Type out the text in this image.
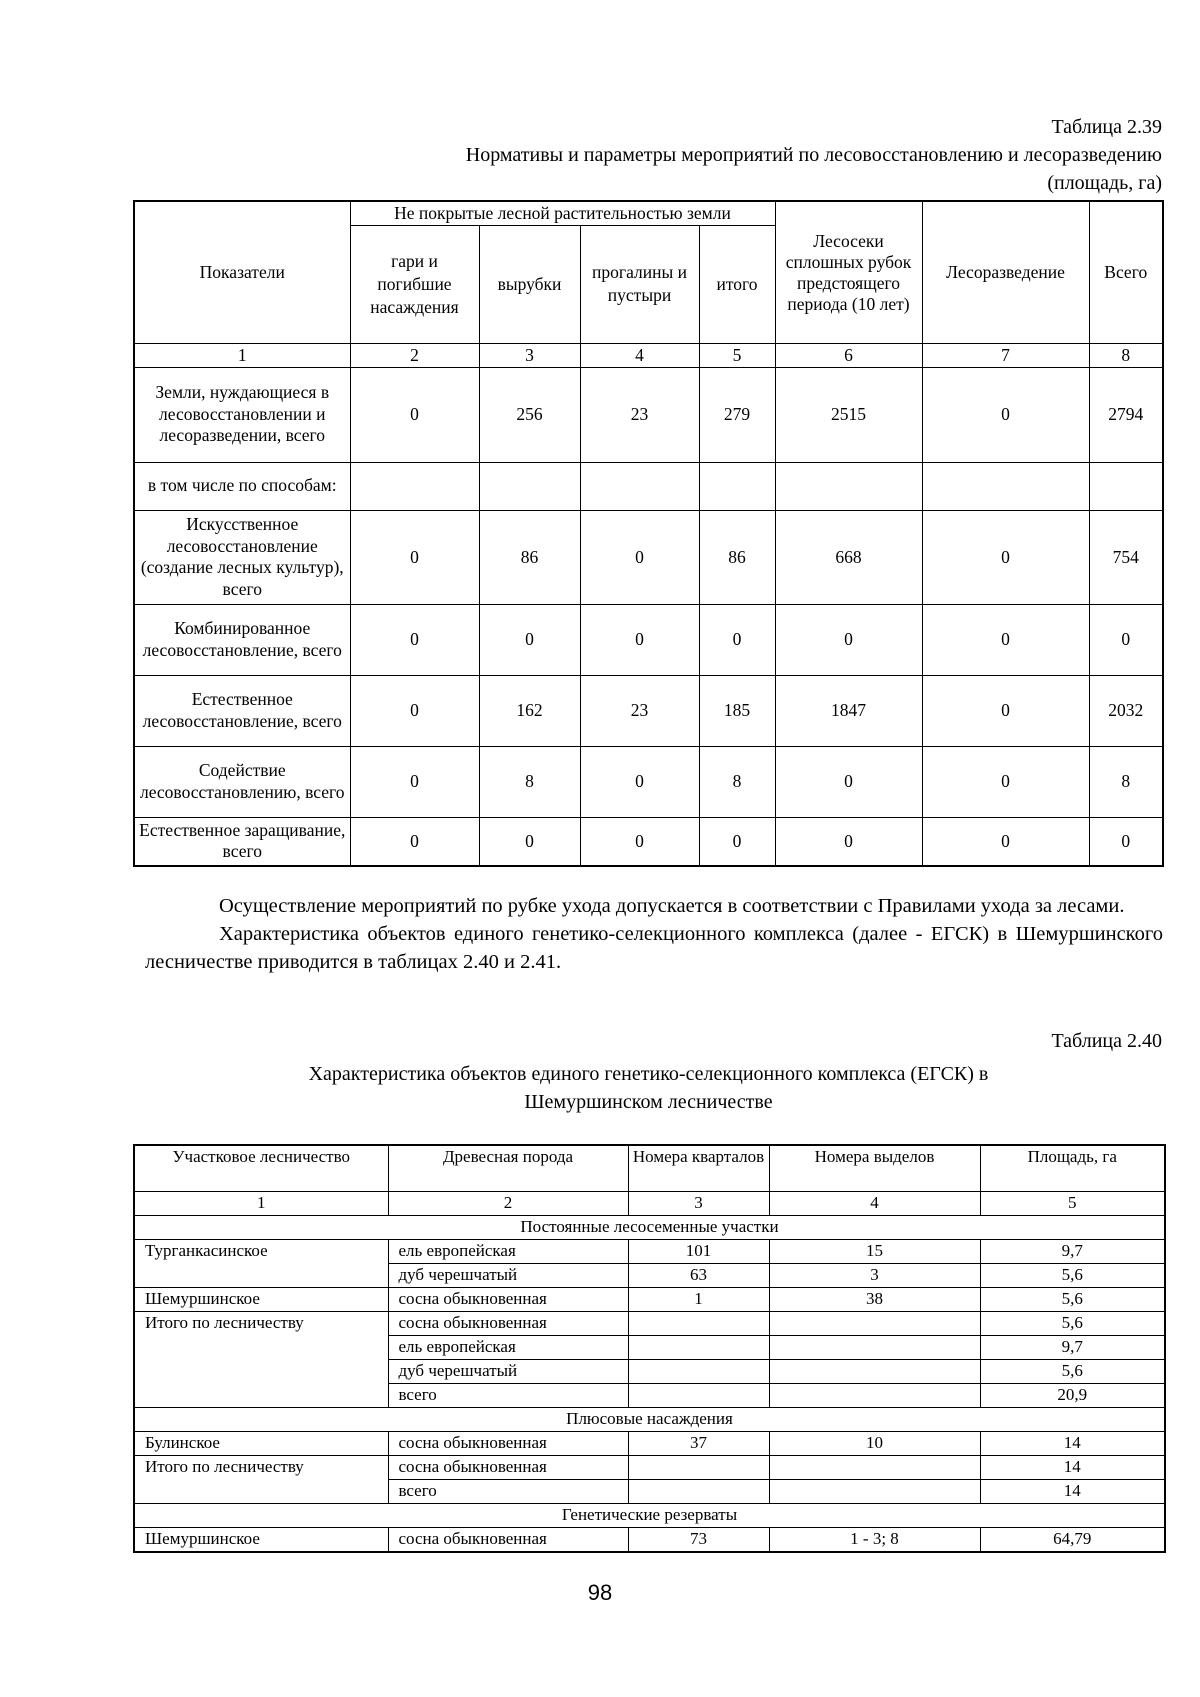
Таблица 2.39
Нормативы и параметры мероприятий по лесовосстановлению и лесоразведению
(площадь, га)
Показатели	Не покрытые лесной растительностью земли				Лесосеки сплошных рубок предстоящего периода (10 лет)	Лесоразведение	Всего
	гари и погибшие насаждения	вырубки	прогалины и пустыри	итого			
1	2	3	4	5	6	7	8
Земли, нуждающиеся в лесовосстановлении и лесоразведении, всего	0	256	23	279	2515	0	2794
в том числе по способам:							
Искусственное лесовосстановление (создание лесных культур), всего	0	86	0	86	668	0	754
Комбинированное лесовосстановление, всего	0	0	0	0	0	0	0
Естественное лесовосстановление, всего	0	162	23	185	1847	0	2032
Содействие лесовосстановлению, всего	0	8	0	8	0	0	8
Естественное заращивание, всего	0	0	0	0	0	0	0

Осуществление мероприятий по рубке ухода допускается в соответствии с Правилами ухода за лесами.

Характеристика объектов единого генетико-селекционного комплекса (далее - ЕГСК) в Шемуршинского лесничестве приводится в таблицах 2.40 и 2.41.

Таблица 2.40
Характеристика объектов единого генетико-селекционного комплекса (ЕГСК) в
Шемуршинском лесничестве
Участковое лесничество	Древесная порода	Номера кварталов	Номера выделов	Площадь, га
1	2	3	4	5
Постоянные лесосеменные участки				
Турганкасинское	ель европейская	101	15	9,7
	дуб черешчатый	63	3	5,6
Шемуршинское	сосна обыкновенная	1	38	5,6
Итого по лесничеству	сосна обыкновенная			5,6
	ель европейская			9,7
	дуб черешчатый			5,6
	всего			20,9
Плюсовые насаждения				
Булинское	сосна обыкновенная	37	10	14
Итого по лесничеству	сосна обыкновенная			14
	всего			14
Генетические резерваты				
Шемуршинское	сосна обыкновенная	73	1 - 3; 8	64,79
98
